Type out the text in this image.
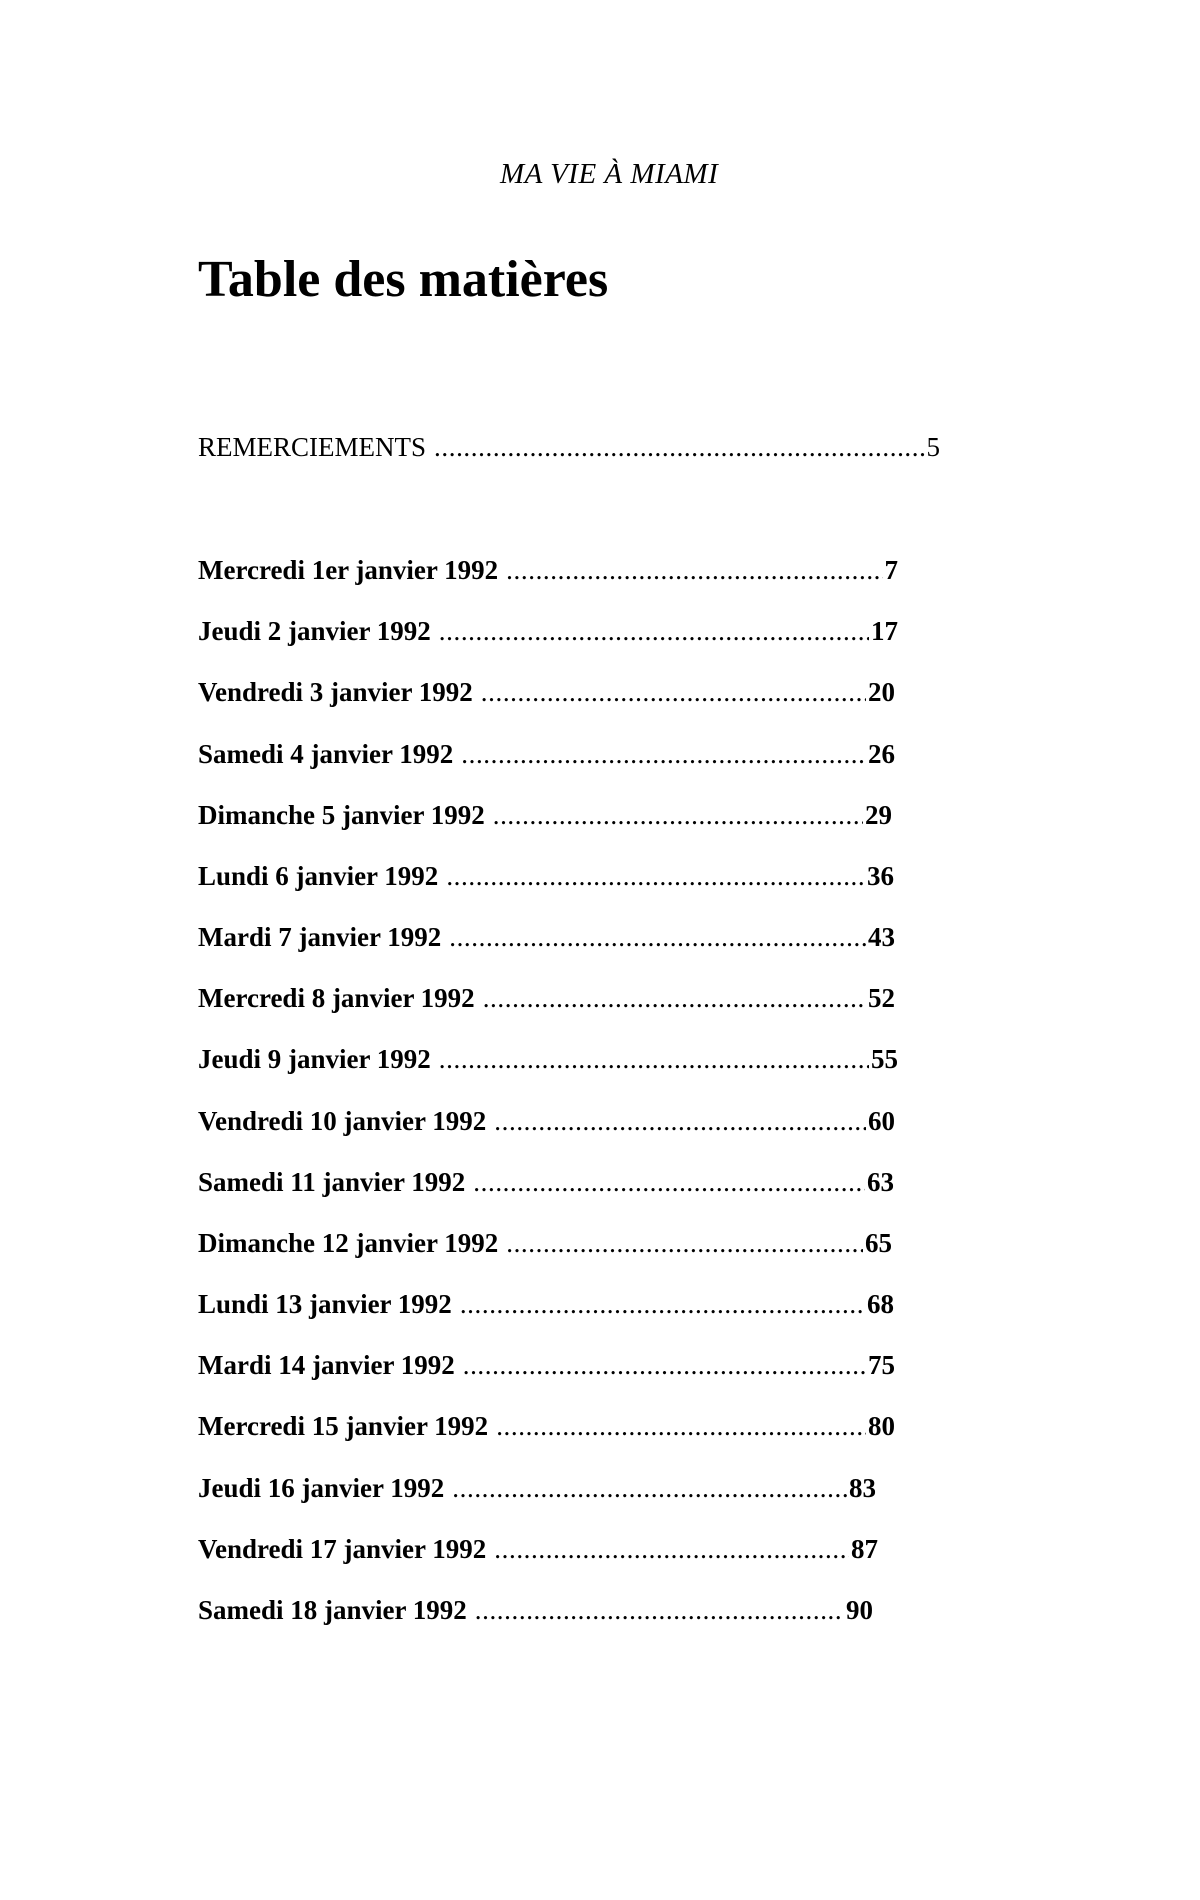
MA VIE À MIAMI
Table des matières
REMERCIEMENTS .....	5
Mercredi 1er janvier 1992 .....	7
Jeudi 2 janvier 1992 .....	17
Vendredi 3 janvier 1992 .....	20
Samedi 4 janvier 1992 .....	26
Dimanche 5 janvier 1992 .....	29
Lundi 6 janvier 1992 .....	36
Mardi 7 janvier 1992 .....	43
Mercredi 8 janvier 1992 .....	52
Jeudi 9 janvier 1992 .....	55
Vendredi 10 janvier 1992 .....	60
Samedi 11 janvier 1992 .....	63
Dimanche 12 janvier 1992 .....	65
Lundi 13 janvier 1992 .....	68
Mardi 14 janvier 1992 .....	75
Mercredi 15 janvier 1992 .....	80
Jeudi 16 janvier 1992 .....	83
Vendredi 17 janvier 1992 .....	87
Samedi 18 janvier 1992 .....	90
